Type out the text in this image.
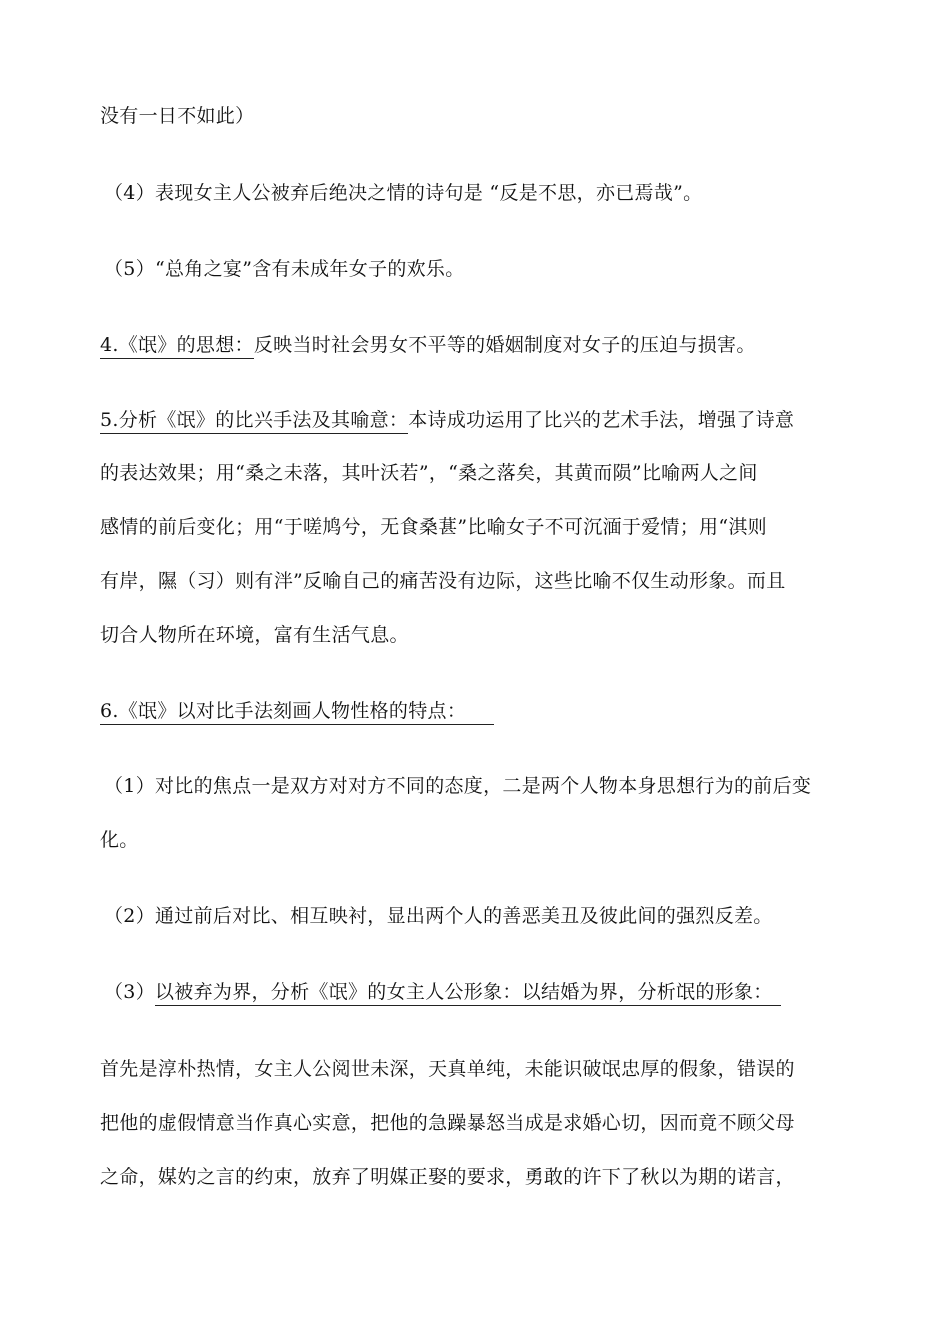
没有一日不如此）
（4）表现女主人公被弃后绝决之情的诗句是 “反是不思，亦已焉哉”。
（5）“总角之宴”含有未成年女子的欢乐。
4.《氓》的思想：反映当时社会男女不平等的婚姻制度对女子的压迫与损害。
5.分析《氓》的比兴手法及其喻意：本诗成功运用了比兴的艺术手法，增强了诗意
的表达效果；用“桑之未落，其叶沃若”，“桑之落矣，其黄而陨”比喻两人之间
感情的前后变化；用“于嗟鸠兮，无食桑葚”比喻女子不可沉湎于爱情；用“淇则
有岸，隰（习）则有泮”反喻自己的痛苦没有边际，这些比喻不仅生动形象。而且
切合人物所在环境，富有生活气息。
6.《氓》以对比手法刻画人物性格的特点：
（1）对比的焦点一是双方对对方不同的态度，二是两个人物本身思想行为的前后变
化。
（2）通过前后对比、相互映衬，显出两个人的善恶美丑及彼此间的强烈反差。
（3）以被弃为界，分析《氓》的女主人公形象：以结婚为界，分析氓的形象：
首先是淳朴热情，女主人公阅世未深，天真单纯，未能识破氓忠厚的假象，错误的
把他的虚假情意当作真心实意，把他的急躁暴怒当成是求婚心切，因而竟不顾父母
之命，媒妁之言的约束，放弃了明媒正娶的要求，勇敢的许下了秋以为期的诺言，
